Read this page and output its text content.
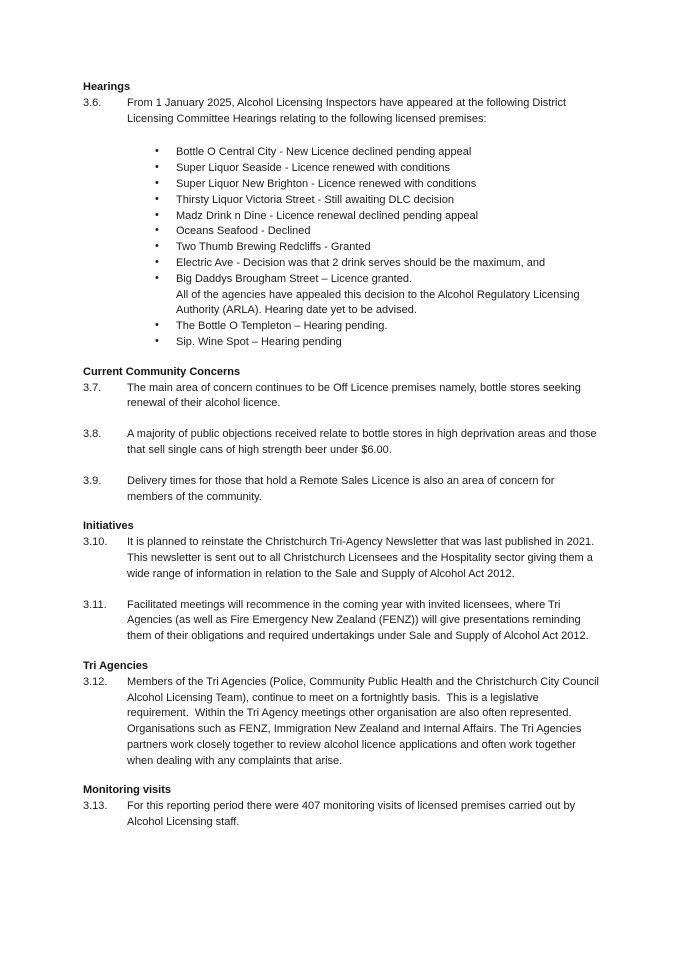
Hearings
3.6.	From 1 January 2025, Alcohol Licensing Inspectors have appeared at the following District Licensing Committee Hearings relating to the following licensed premises:

• Bottle O Central City - New Licence declined pending appeal
• Super Liquor Seaside - Licence renewed with conditions
• Super Liquor New Brighton - Licence renewed with conditions
• Thirsty Liquor Victoria Street - Still awaiting DLC decision
• Madz Drink n Dine - Licence renewal declined pending appeal
• Oceans Seafood - Declined
• Two Thumb Brewing Redcliffs - Granted
• Electric Ave - Decision was that 2 drink serves should be the maximum, and
• Big Daddys Brougham Street – Licence granted.
All of the agencies have appealed this decision to the Alcohol Regulatory Licensing Authority (ARLA). Hearing date yet to be advised.
• The Bottle O Templeton – Hearing pending.
• Sip. Wine Spot – Hearing pending
Current Community Concerns
3.7.	The main area of concern continues to be Off Licence premises namely, bottle stores seeking renewal of their alcohol licence.

3.8.	A majority of public objections received relate to bottle stores in high deprivation areas and those that sell single cans of high strength beer under $6.00.

3.9.	Delivery times for those that hold a Remote Sales Licence is also an area of concern for members of the community.

Initiatives
3.10.	It is planned to reinstate the Christchurch Tri-Agency Newsletter that was last published in 2021. This newsletter is sent out to all Christchurch Licensees and the Hospitality sector giving them a wide range of information in relation to the Sale and Supply of Alcohol Act 2012.

3.11.	Facilitated meetings will recommence in the coming year with invited licensees, where Tri Agencies (as well as Fire Emergency New Zealand (FENZ)) will give presentations reminding them of their obligations and required undertakings under Sale and Supply of Alcohol Act 2012.

Tri Agencies
3.12.	Members of the Tri Agencies (Police, Community Public Health and the Christchurch City Council Alcohol Licensing Team), continue to meet on a fortnightly basis.  This is a legislative requirement.  Within the Tri Agency meetings other organisation are also often represented. Organisations such as FENZ, Immigration New Zealand and Internal Affairs. The Tri Agencies partners work closely together to review alcohol licence applications and often work together when dealing with any complaints that arise.

Monitoring visits
3.13.	For this reporting period there were 407 monitoring visits of licensed premises carried out by Alcohol Licensing staff.
